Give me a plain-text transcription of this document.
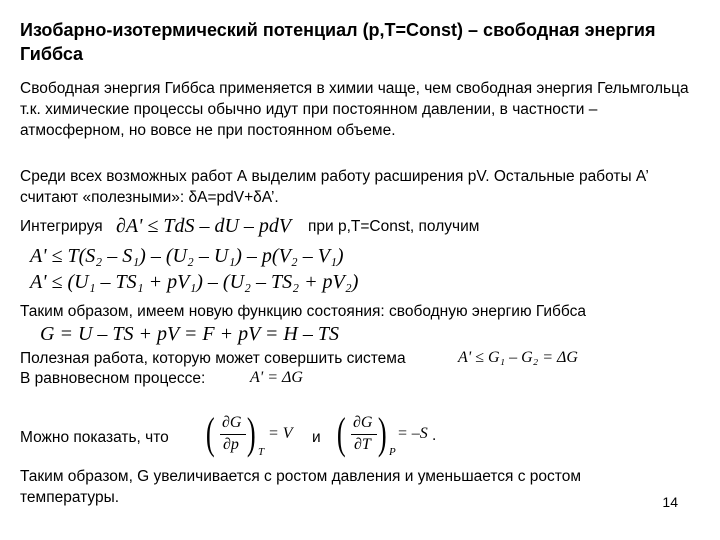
Изобарно-изотермический потенциал (p,T=Const) – свободная энергия Гиббса
Свободная энергия Гиббса применяется в химии чаще, чем свободная энергия Гельмгольца т.к. химические процессы обычно идут при постоянном давлении, в частности – атмосферном, но вовсе не при постоянном объеме.
Среди всех возможных работ А выделим работу расширения pV. Остальные работы А’ считают «полезными»: δA=pdV+δA’.
Интегрируя ∂A' ≤ TdS – dU – pdV при p,T=Const, получим
A' ≤ T(S₂ – S₁) – (U₂ – U₁) – p(V₂ – V₁)
A' ≤ (U₁ – TS₁ + pV₁) – (U₂ – TS₂ + pV₂)
Таким образом, имеем новую функцию состояния: свободную энергию Гиббса
G = U – TS + pV = F + pV = H – TS
Полезная работа, которую может совершить система	A' ≤ G₁ – G₂ = ΔG
В равновесном процессе:	A' = ΔG
Можно показать, что ( ∂G
∂p ) T
= V и ( ∂G
∂T ) P
= –S .
Таким образом, G увеличивается с ростом давления и уменьшается с ростом температуры.	14
